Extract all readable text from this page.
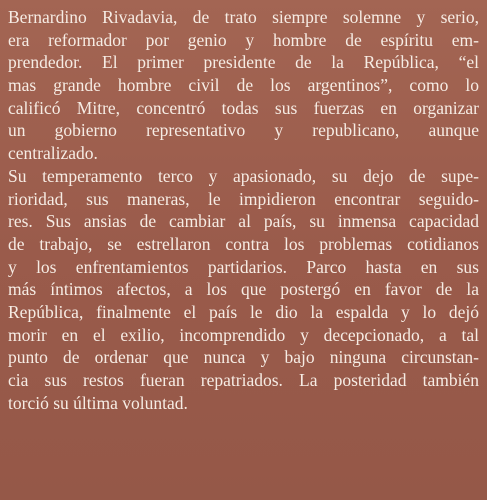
Bernardino Rivadavia, de trato siempre solemne y serio,
era reformador por genio y hombre de espíritu em-
prendedor. El primer presidente de la República, “el
mas grande hombre civil de los argentinos”, como lo
calificó Mitre, concentró todas sus fuerzas en organizar
un gobierno representativo y republicano, aunque
centralizado.
Su temperamento terco y apasionado, su dejo de supe-
rioridad, sus maneras, le impidieron encontrar seguido-
res. Sus ansias de cambiar al país, su inmensa capacidad
de trabajo, se estrellaron contra los problemas cotidianos
y los enfrentamientos partidarios. Parco hasta en sus
más íntimos afectos, a los que postergó en favor de la
República, finalmente el país le dio la espalda y lo dejó
morir en el exilio, incomprendido y decepcionado, a tal
punto de ordenar que nunca y bajo ninguna circunstan-
cia sus restos fueran repatriados. La posteridad también
torció su última voluntad.
